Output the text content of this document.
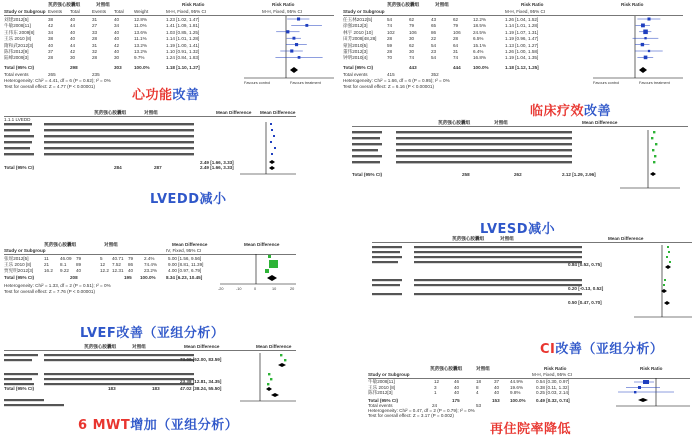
芪苈强心胶囊组	对照组	Risk Ratio	Risk Ratio
Study or Subgroup Events Total	Events Total Weight	M-H, Fixed, 95% CI	M-H, Fixed, 95% CI
刘建2012[5]	38	40	31	40	12.8%	1.23 [1.02, 1.47]
牛敏2008[11]	42	44	27	34	11.0%	1.41 [1.09, 1.81]
王伟东 2009[8]	34	40	33	40	13.6%	1.03 [0.85, 1.25]
王乐 2010 [8]	38	40	28	40	11.1%	1.14 [1.01, 1.28]
隋和武2012[3]	40	44	31	42	13.2%	1.19 [1.00, 1.41]
陈伟2012[9]	37	42	32	40	13.2%	1.10 [0.91, 1.32]
陆峰2009[3]	28	30	28	30	9.7%	1.24 [0.84, 1.83]
Total (95% CI)	298	303	100.0%	1.18 [1.10, 1.27]
Total events	265	235
Heterogeneity: Chi² = 4.41, df = 6 (P = 0.62); I² = 0%
Test for overall effect: Z = 4.77 (P < 0.00001)
Favours control	Favours treatment
心功能改善
芪苈强心胶囊组	对照组	Risk Ratio	Risk Ratio
Study or Subgroup	M-H, Fixed, 95% CI
任玉林2012[5]	54	62	43	62	12.2%	1.26 [1.04, 1.52]
徐强2012[3]	74	79	65	79	18.5%	1.14 [1.01, 1.28]
林宇 2010 [10]	102	106	86	106	24.5%	1.19 [1.07, 1.31]
田芳2008[48,28] 28	30	22	28	6.5%	1.19 [0.96, 1.47]
蒙国2010[5]	59	62	54	64	15.1%	1.13 [1.00, 1.27]
董伟2012[3]	28	30	23	31	6.4%	1.26 [1.00, 1.58]
钟明2010[4]	70	74	54	74	16.8%	1.19 [1.04, 1.35]
Total (95% CI)	443	444	100.0%	1.18 [1.12, 1.25]
Total events	415	352
Heterogeneity: Chi² = 1.66, df = 6 (P = 0.95); I² = 0%
Test for overall effect: Z = 6.16 (P < 0.00001)
Favours control	Favours treatment
临床疗效改善
芪苈强心胶囊组	对照组	Mean Difference Mean Difference
1.1.1 LVEDD
Total (95% CI)	284	287
2.49 [1.66, 3.33]
2.49 [1.66, 3.33]
LVEDD减小
芪苈强心胶囊组	对照组	Mean Difference
Total (95% CI)	258	262	2.12 [1.29, 2.96]
LVESD减小
芪苈强心胶囊组	对照组	Mean Difference	Mean Difference
Study or Subgroup	IV, Fixed, 95% CI
张瑶2012[5]	11 46.09 79	5 40.71 79 2.4%	5.00 [1.56, 9.56]
王乐 2010 [8]	21 8.1 89	12 7.52 86 74.4% 9.00 [8.81, 11.39]
贾宪明2012[3] 16.2 9.22 40	12.2 12.31 40 23.2% 4.00 [0.97, 6.79]
Total (95% CI)	208	195 100.0% 8.34 [6.23, 10.45]
Heterogeneity: Chi² = 1.33, df = 2 (P = 0.51); I² = 0%
Test for overall effect: Z = 7.76 (P < 0.00001)	-20	-10	0	10	20
LVEF改善（亚组分析）
芪苈强心胶囊组	对照组	Mean Difference
0.84 [0.52, 0.75]
0.20 [-0.13, 0.52]
0.50 [0.47, 0.70]
CI改善（亚组分析）
芪苈强心胶囊组	对照组	Mean Difference	Mean Difference
73.00 [62.00, 83.59]
23.38 [12.81, 34.35]
Total (95% CI)	183	183	47.02 [38.24, 55.50]
6 MWT增加（亚组分析）
芪苈强心胶囊组	对照组	Risk Ratio	Risk Ratio
Study or Subgroup	M-H, Fixed, 95% CI
牛敏2008[11]	12	46	18	37 44.9%	0.54 [0.30, 0.97]
王乐 2010 [8]	3	40	8	40 19.6%	0.38 [0.11, 1.32]
陈伟2012[3]	1	40	4	40 9.8%	0.25 [0.03, 2.14]
Total (95% CI)	175	153 100.0% 0.49 [0.32, 0.74]
Total events	24	53
Heterogeneity: Chi² = 0.47, df = 2 (P = 0.79); I² = 0%
Test for overall effect: Z = 3.17 (P = 0.002)
再住院率降低
